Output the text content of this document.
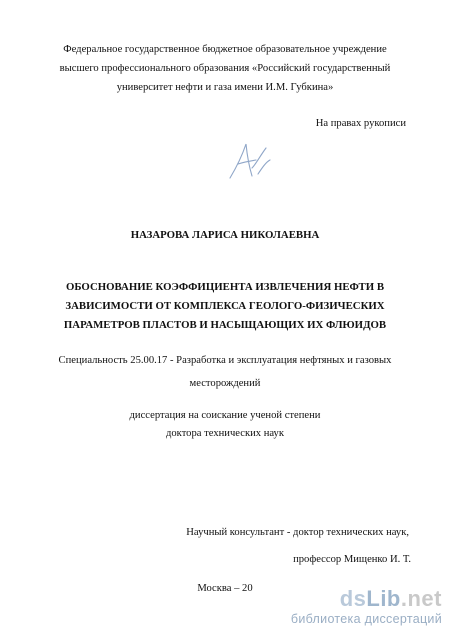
Федеральное государственное бюджетное образовательное учреждение
высшего профессионального образования «Российский государственный
университет нефти и газа имени И.М. Губкина»
На правах рукописи
НАЗАРОВА ЛАРИСА НИКОЛАЕВНА
ОБОСНОВАНИЕ КОЭФФИЦИЕНТА ИЗВЛЕЧЕНИЯ НЕФТИ В
ЗАВИСИМОСТИ ОТ КОМПЛЕКСА ГЕОЛОГО-ФИЗИЧЕСКИХ
ПАРАМЕТРОВ ПЛАСТОВ И НАСЫЩАЮЩИХ ИХ ФЛЮИДОВ
Специальность 25.00.17 - Разработка и эксплуатация нефтяных и газовых
месторождений
диссертация на соискание ученой степени
доктора технических наук
Научный консультант - доктор технических наук,
профессор Мищенко И. Т.
Москва – 20	dsLib.net
библиотека диссертаций
